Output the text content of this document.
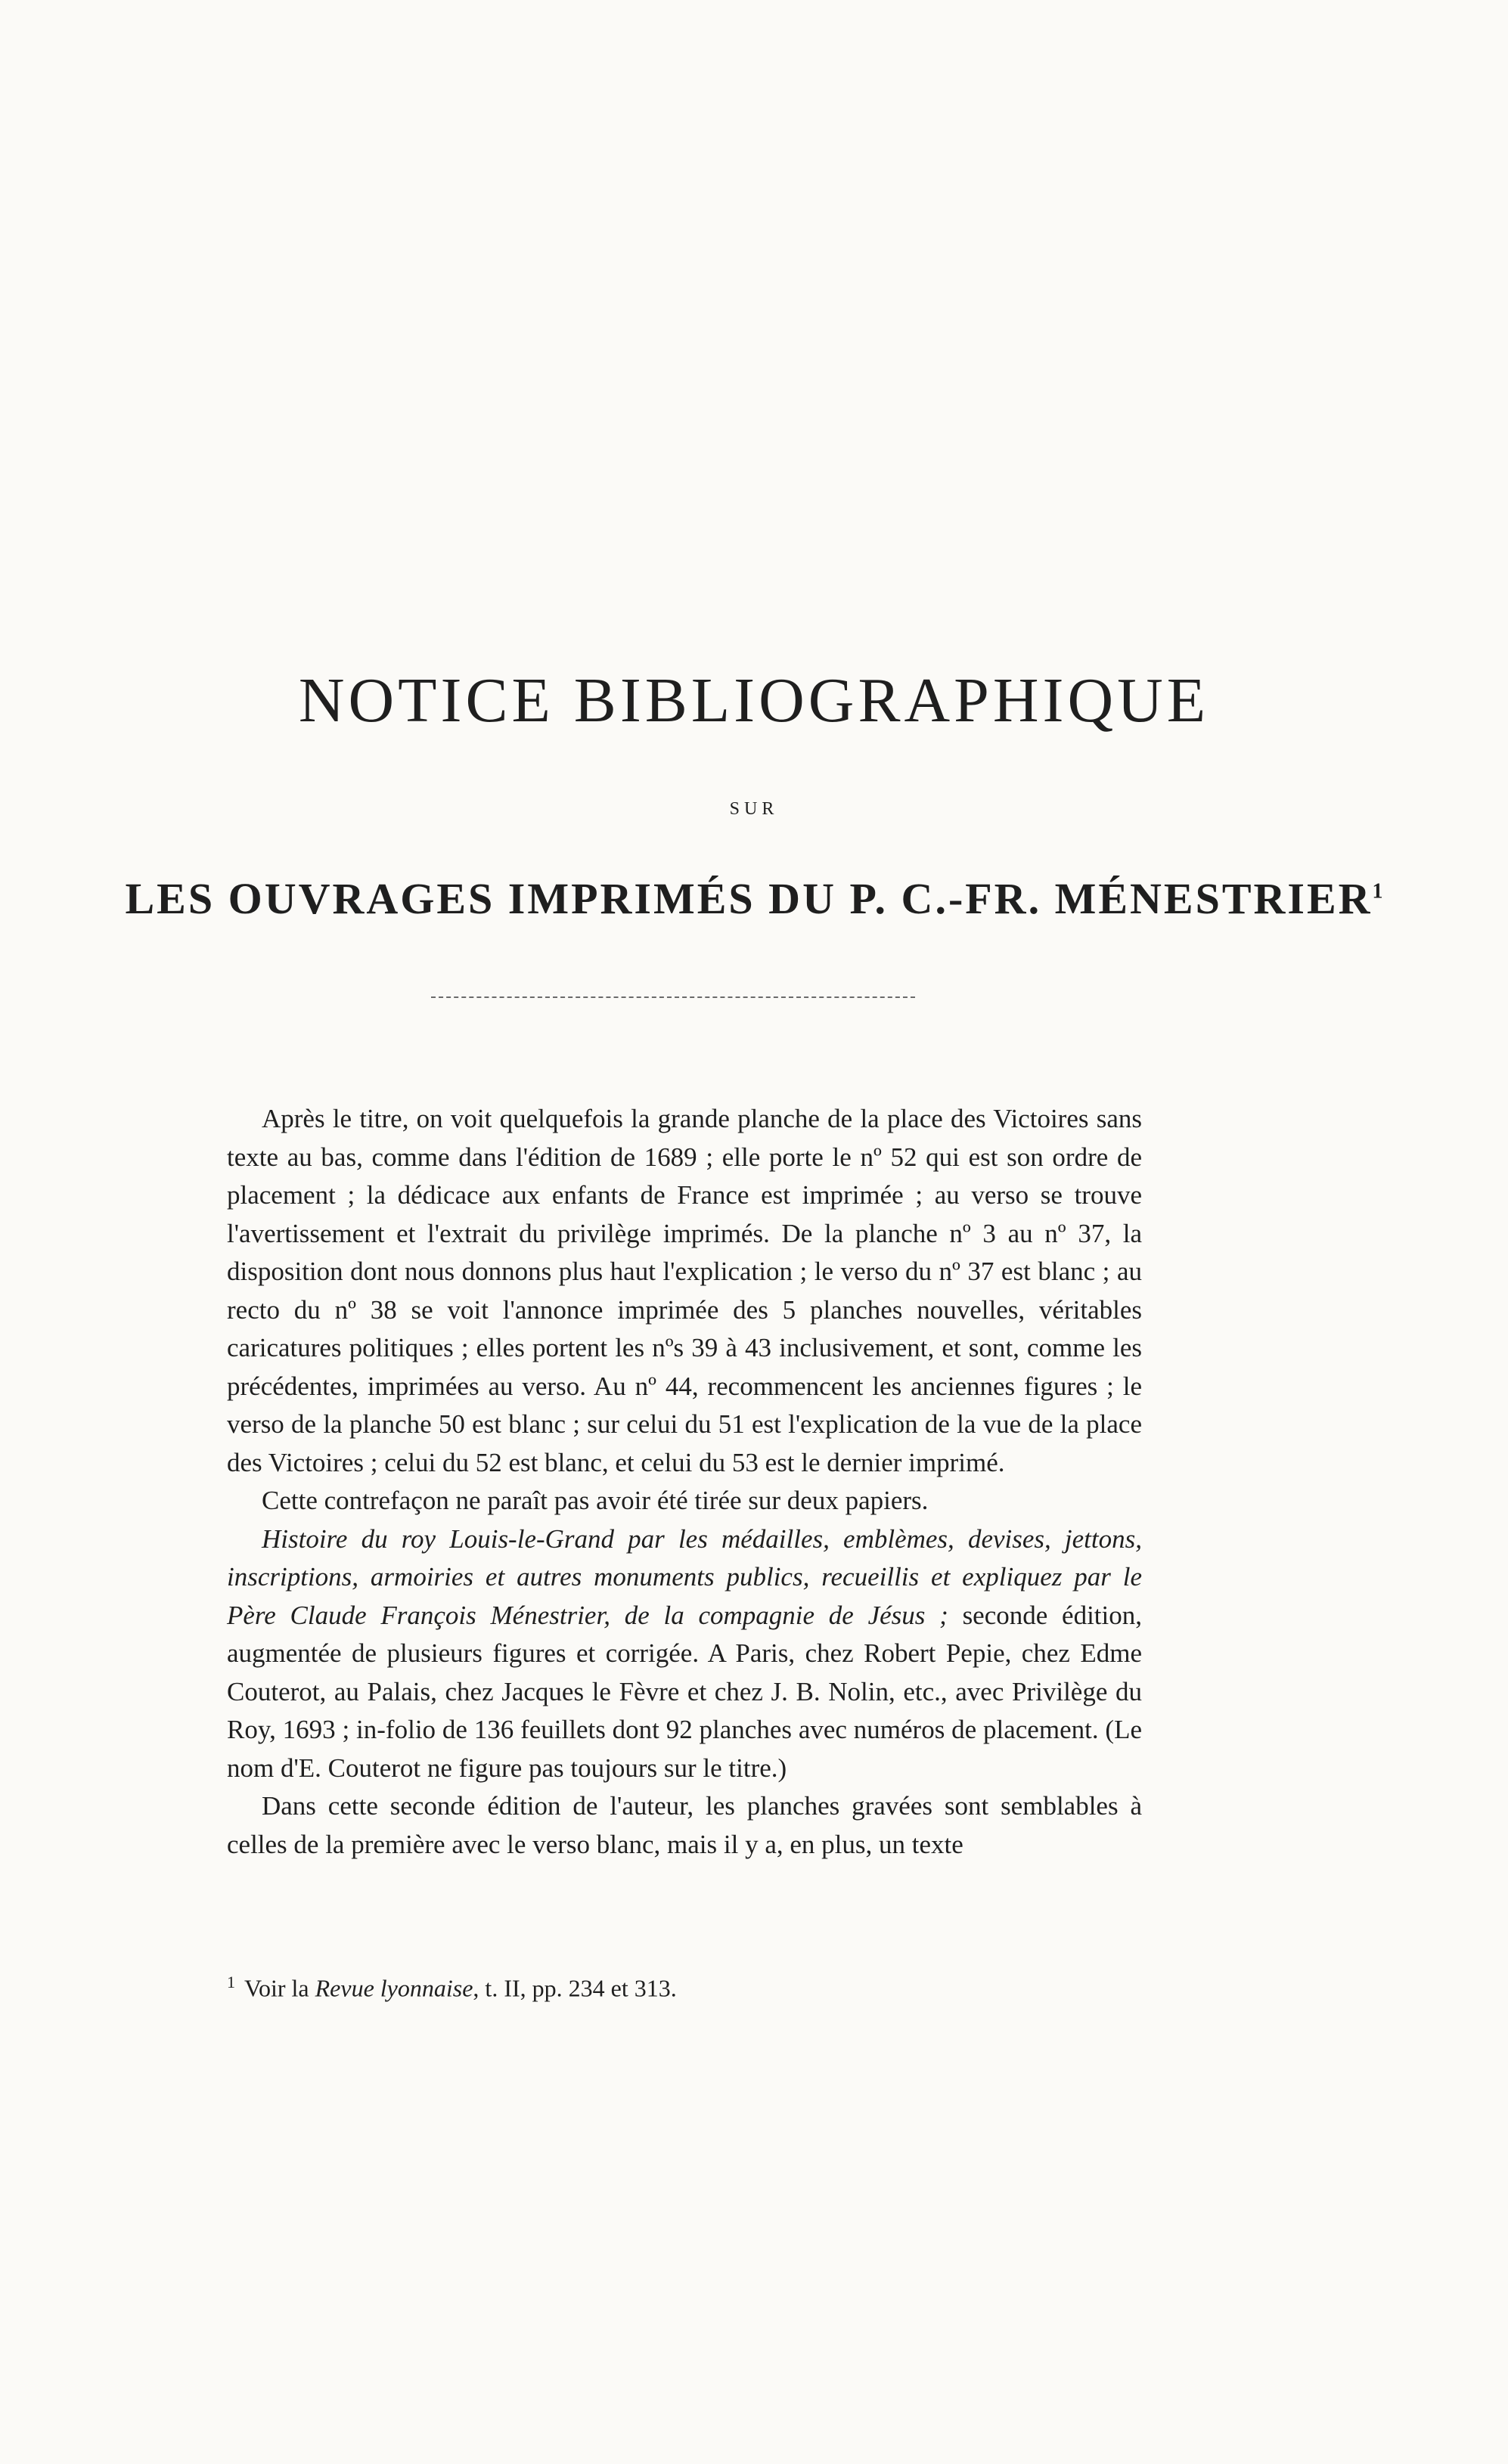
NOTICE BIBLIOGRAPHIQUE
SUR
LES OUVRAGES IMPRIMÉS DU P. C.-FR. MÉNESTRIER$^1$

Après le titre, on voit quelquefois la grande planche de la place des Victoires sans texte au bas, comme dans l'édition de 1689 ; elle porte le nº 52 qui est son ordre de placement ; la dédicace aux enfants de France est imprimée ; au verso se trouve l'avertissement et l'extrait du privilège imprimés. De la planche nº 3 au nº 37, la disposition dont nous donnons plus haut l'explication ; le verso du nº 37 est blanc ; au recto du nº 38 se voit l'annonce imprimée des 5 planches nouvelles, véritables caricatures politiques ; elles portent les nºs 39 à 43 inclusivement, et sont, comme les précédentes, imprimées au verso. Au nº 44, recommencent les anciennes figures ; le verso de la planche 50 est blanc ; sur celui du 51 est l'explication de la vue de la place des Victoires ; celui du 52 est blanc, et celui du 53 est le dernier imprimé.

Cette contrefaçon ne paraît pas avoir été tirée sur deux papiers.

Histoire du roy Louis-le-Grand par les médailles, emblèmes, devises, jettons, inscriptions, armoiries et autres monuments publics, recueillis et expliquez par le Père Claude François Ménestrier, de la compagnie de Jésus ; seconde édition, augmentée de plusieurs figures et corrigée. A Paris, chez Robert Pepie, chez Edme Couterot, au Palais, chez Jacques le Fèvre et chez J. B. Nolin, etc., avec Privilège du Roy, 1693 ; in-folio de 136 feuillets dont 92 planches avec numéros de placement. (Le nom d'E. Couterot ne figure pas toujours sur le titre.)

Dans cette seconde édition de l'auteur, les planches gravées sont semblables à celles de la première avec le verso blanc, mais il y a, en plus, un texte

$^1$ Voir la Revue lyonnaise, t. II, pp. 234 et 313.
